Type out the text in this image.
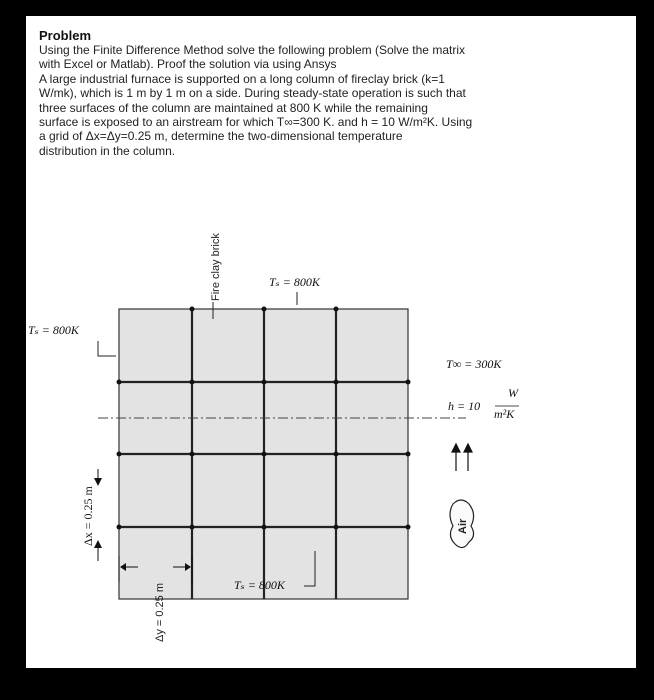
Problem
Using the Finite Difference Method solve the following problem (Solve the matrix
with Excel or Matlab). Proof the solution via using Ansys
A large industrial furnace is supported on a long column of fireclay brick (k=1
W/mk), which is 1 m by 1 m on a side. During steady-state operation is such that
three surfaces of the column are maintained at 800 K while the remaining
surface is exposed to an airstream for which T∞=300 K. and h = 10 W/m²K. Using
a grid of Δx=Δy=0.25 m, determine the two-dimensional temperature
distribution in the column.
Fire clay brick	Tₛ = 800K
Tₛ = 800K
Tₛ = 800K
T∞ = 300K
h = 10
W
m²K
Air
Δx = 0.25 m
Δy = 0.25 m
